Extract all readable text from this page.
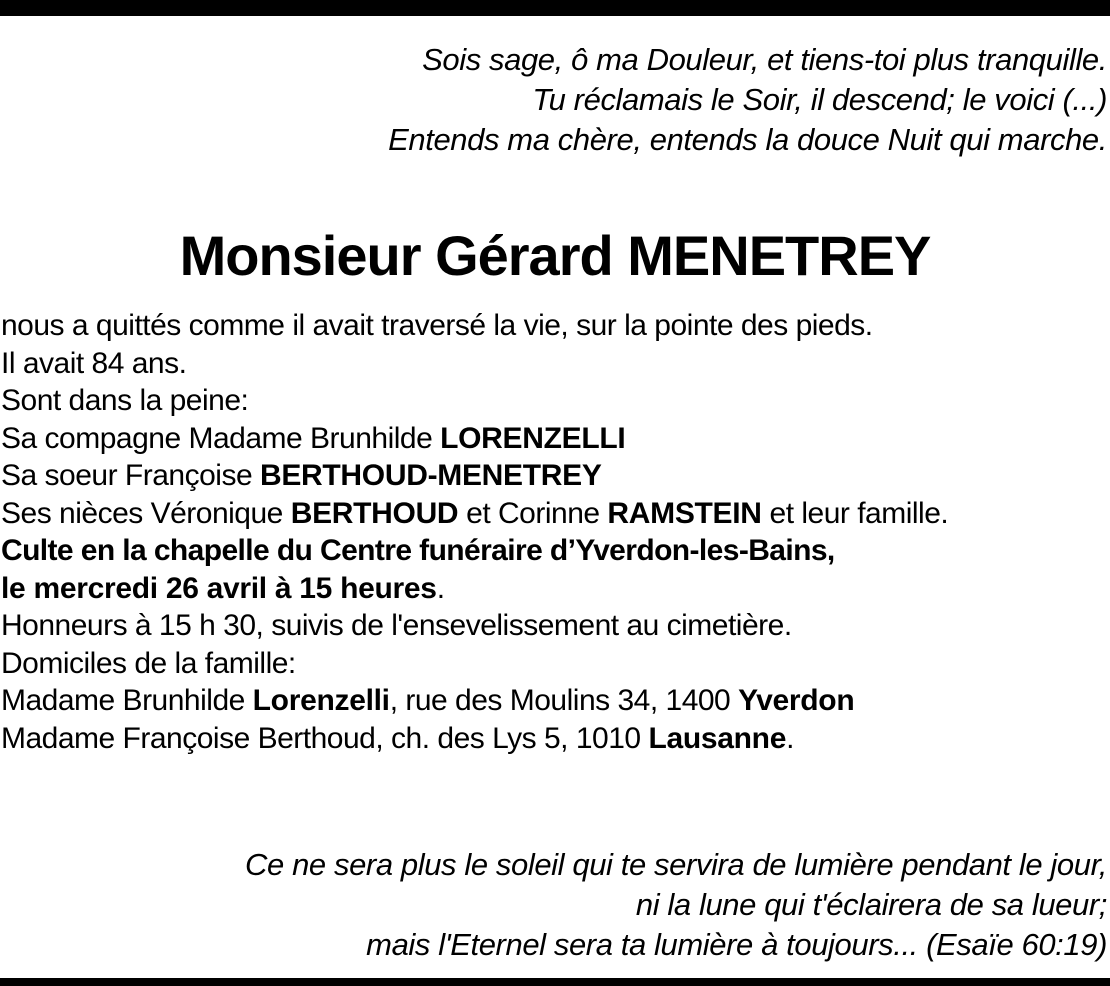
Sois sage, ô ma Douleur, et tiens-toi plus tranquille.
Tu réclamais le Soir, il descend; le voici (...)
Entends ma chère, entends la douce Nuit qui marche.
Monsieur Gérard MENETREY
nous a quittés comme il avait traversé la vie, sur la pointe des pieds.
Il avait 84 ans.
Sont dans la peine:
Sa compagne Madame Brunhilde LORENZELLI
Sa soeur Françoise BERTHOUD-MENETREY
Ses nièces Véronique BERTHOUD et Corinne RAMSTEIN et leur famille.
Culte en la chapelle du Centre funéraire d’Yverdon-les-Bains,
le mercredi 26 avril à 15 heures.
Honneurs à 15 h 30, suivis de l'ensevelissement au cimetière.
Domiciles de la famille:
Madame Brunhilde Lorenzelli, rue des Moulins 34, 1400 Yverdon
Madame Françoise Berthoud, ch. des Lys 5, 1010 Lausanne.
Ce ne sera plus le soleil qui te servira de lumière pendant le jour,
ni la lune qui t'éclairera de sa lueur;
mais l'Eternel sera ta lumière à toujours... (Esaïe 60:19)
